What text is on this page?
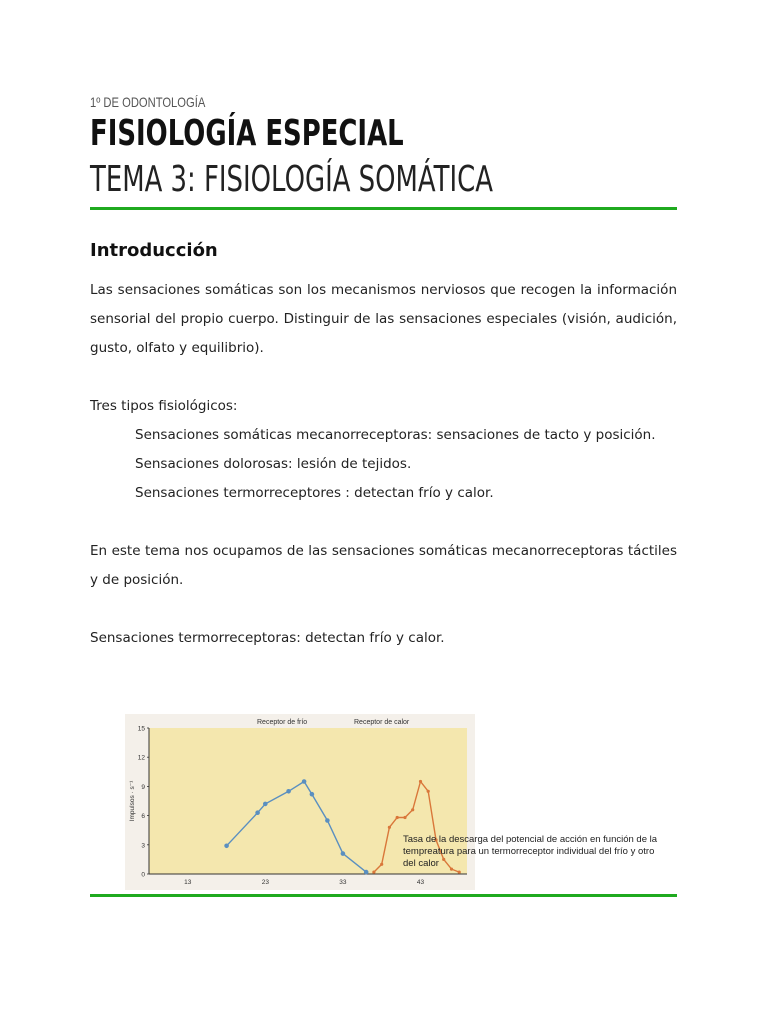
1º DE ODONTOLOGÍA
FISIOLOGÍA ESPECIAL
TEMA 3: FISIOLOGÍA SOMÁTICA
Introducción

Las sensaciones somáticas son los mecanismos nerviosos que recogen la información sensorial del propio cuerpo. Distinguir de las sensaciones especiales (visión, audición, gusto, olfato y equilibrio).

Tres tipos fisiológicos:

Sensaciones somáticas mecanorreceptoras: sensaciones de tacto y posición.

Sensaciones dolorosas: lesión de tejidos.

Sensaciones termorreceptores : detectan frío y calor.

En este tema nos ocupamos de las sensaciones somáticas mecanorreceptoras táctiles y de posición.

Sensaciones termorreceptoras: detectan frío y calor.

Receptor de frío	Receptor de calor
Impulsos · s⁻¹
0
3
6
9
12
15
13	23	33	43
Tasa de la descarga del potencial de acción en función de la tempreatura para un termorreceptor individual del frío y otro del calor
